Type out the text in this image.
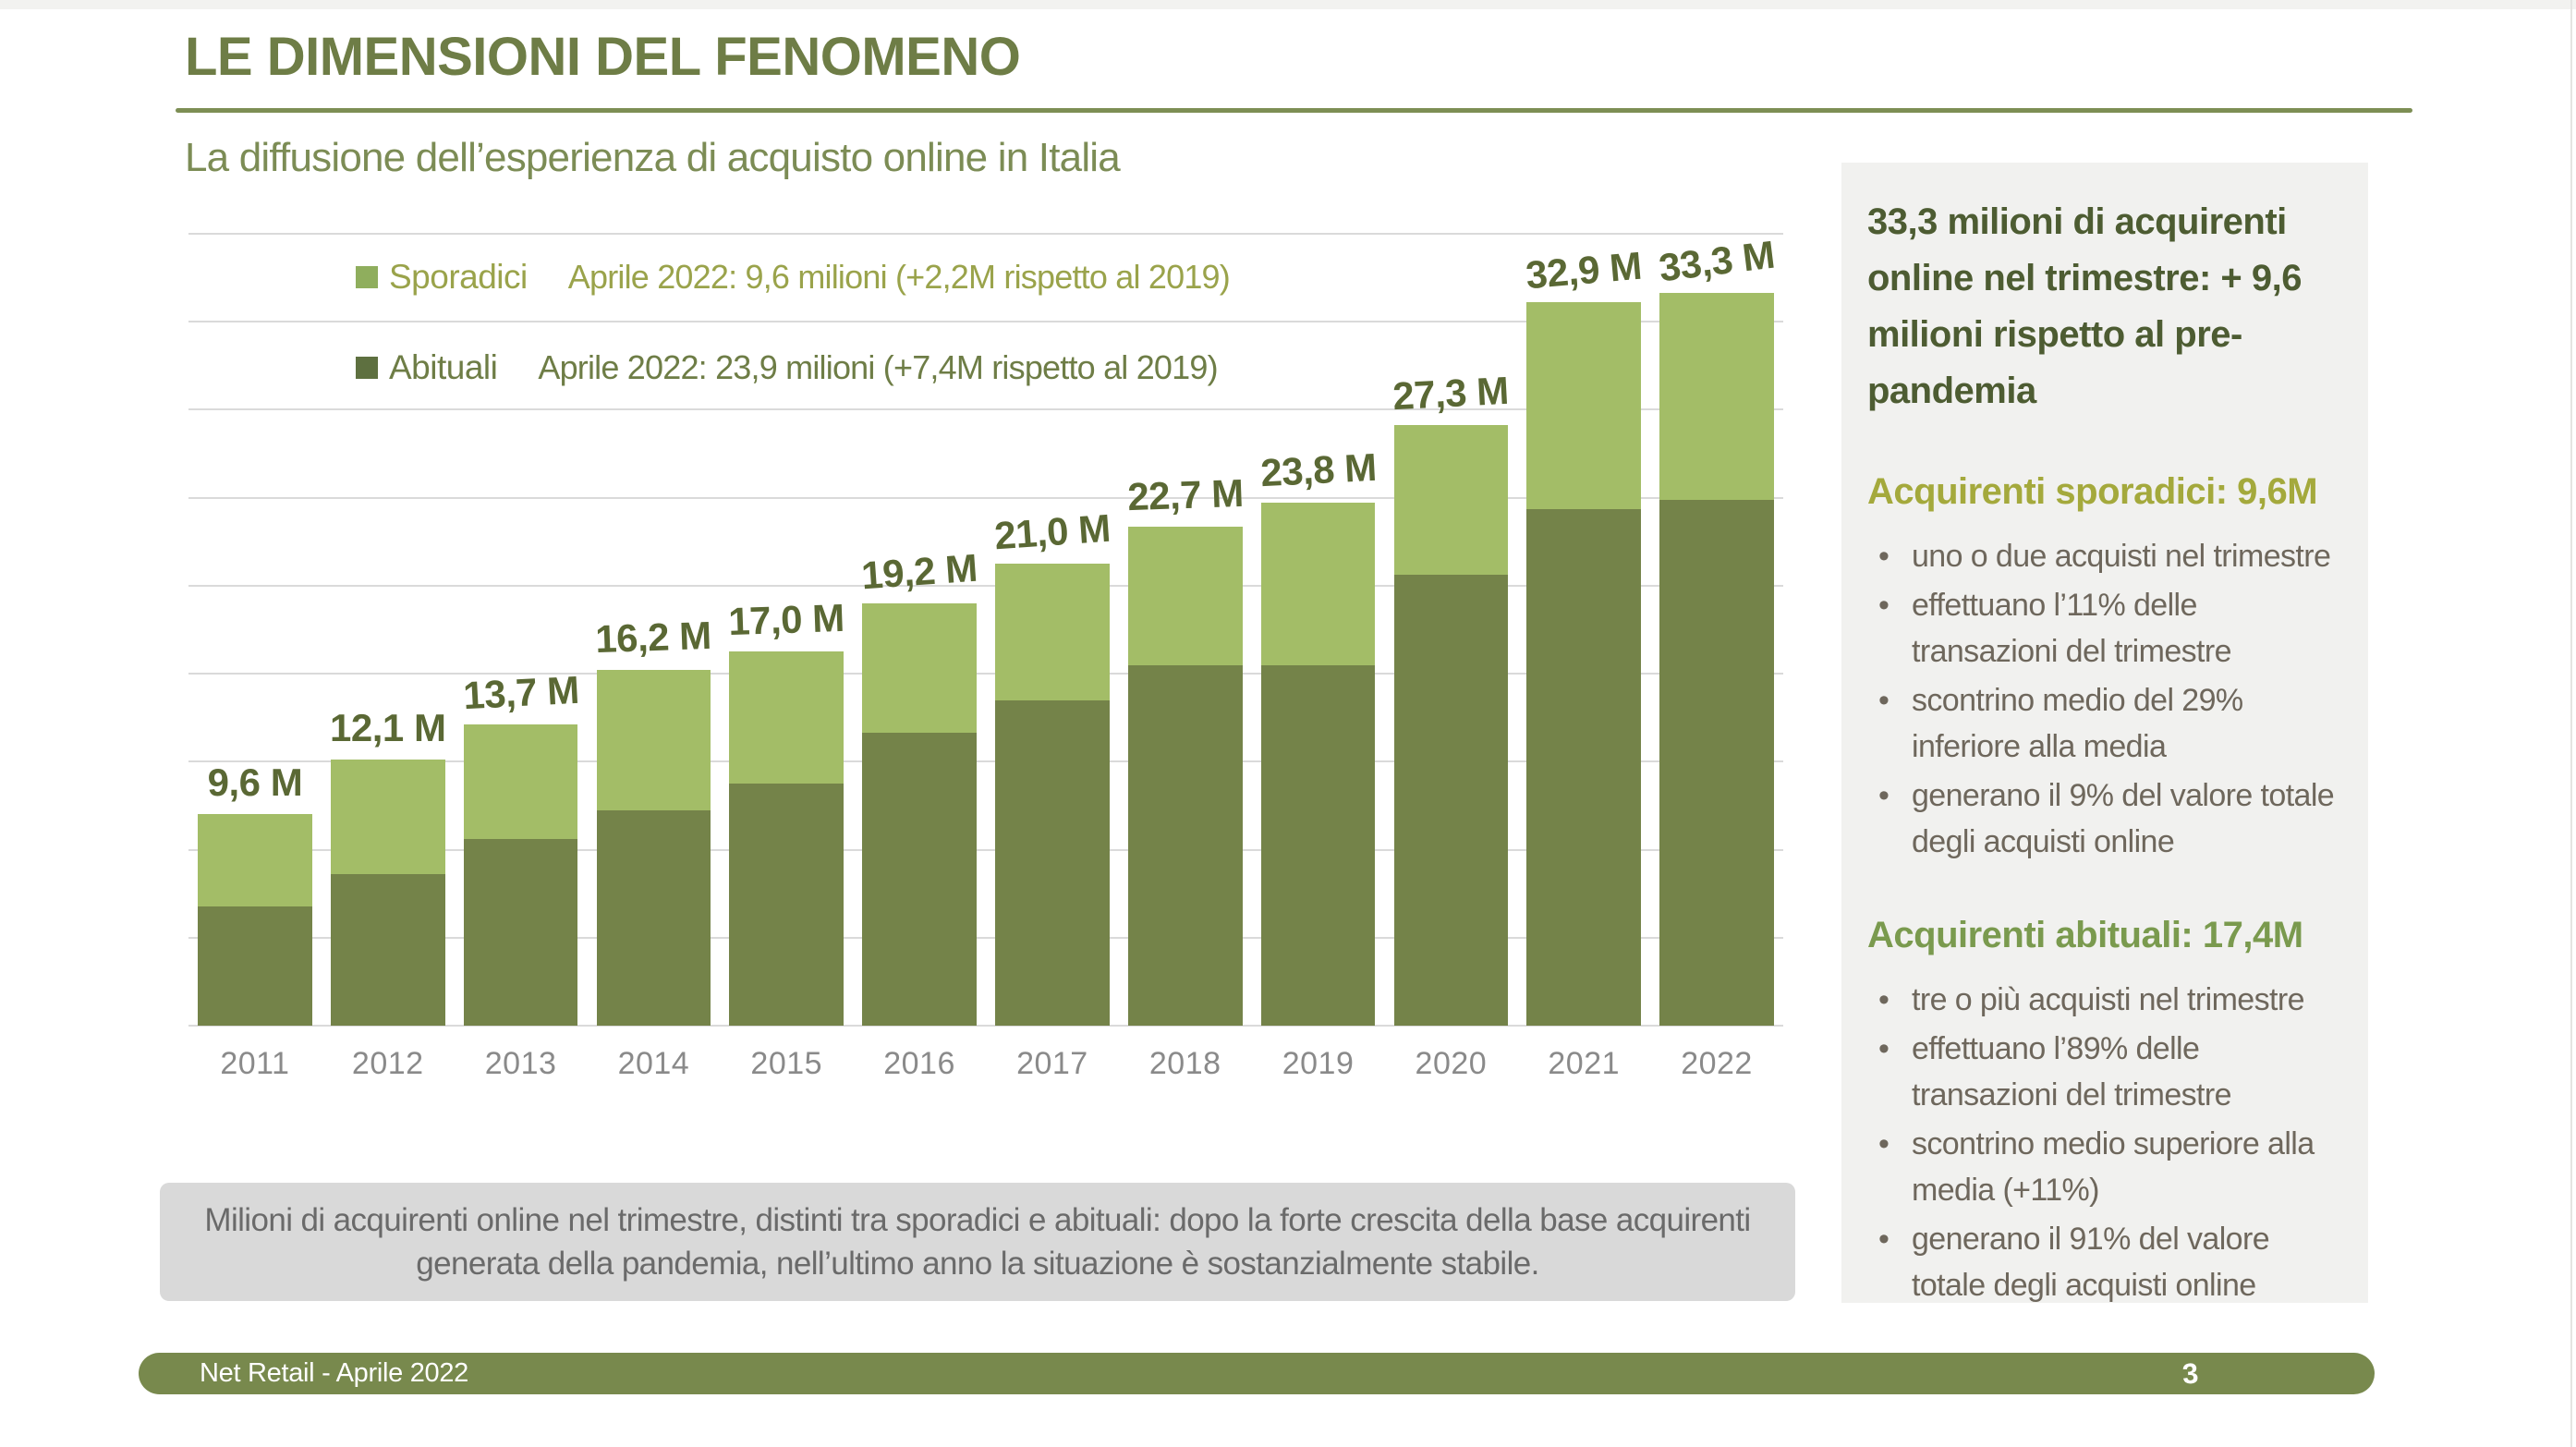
LE DIMENSIONI DEL FENOMENO
La diffusione dell’esperienza di acquisto online in Italia
9,6 M
12,1 M
13,7 M
16,2 M 17,0 M
19,2 M
21,0 M
22,7 M
23,8 M
27,3 M
32,9 M 33,3 M
Sporadici Aprile 2022: 9,6 milioni (+2,2M rispetto al 2019)
Abituali Aprile 2022: 23,9 milioni (+7,4M rispetto al 2019)
2011	2012	2013	2014	2015	2016	2017	2018	2019	2020	2021	2022
Milioni di acquirenti online nel trimestre, distinti tra sporadici e abituali: dopo la forte crescita della base acquirenti generata della pandemia, nell’ultimo anno la situazione è sostanzialmente stabile.

33,3 milioni di acquirenti online nel trimestre: + 9,6 milioni rispetto al pre-pandemia

Acquirenti sporadici: 9,6M

• uno o due acquisti nel trimestre
• effettuano l’11% delle transazioni del trimestre
• scontrino medio del 29% inferiore alla media
• generano il 9% del valore totale degli acquisti online

Acquirenti abituali: 17,4M

• tre o più acquisti nel trimestre
• effettuano l’89% delle transazioni del trimestre
• scontrino medio superiore alla media (+11%)
• generano il 91% del valore totale degli acquisti online
Net Retail - Aprile 2022	3
